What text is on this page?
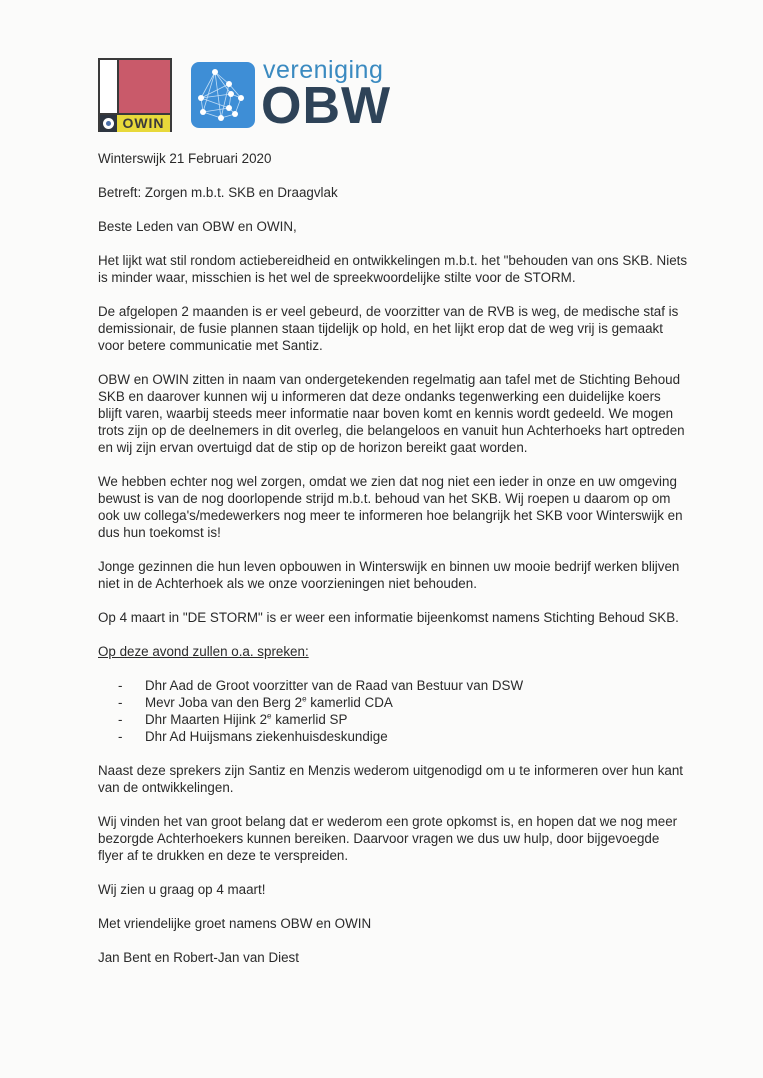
OWIN
vereniging
OBW

Winterswijk 21 Februari 2020

Betreft: Zorgen m.b.t. SKB en Draagvlak

Beste Leden van OBW en OWIN,

Het lijkt wat stil rondom actiebereidheid en ontwikkelingen m.b.t. het "behouden van ons SKB. Niets is minder waar, misschien is het wel de spreekwoordelijke stilte voor de STORM.

De afgelopen 2 maanden is er veel gebeurd, de voorzitter van de RVB is weg, de medische staf is demissionair, de fusie plannen staan tijdelijk op hold, en het lijkt erop dat de weg vrij is gemaakt voor betere communicatie met Santiz.

OBW en OWIN zitten in naam van ondergetekenden regelmatig aan tafel met de Stichting Behoud SKB en daarover kunnen wij u informeren dat deze ondanks tegenwerking een duidelijke koers blijft varen, waarbij steeds meer informatie naar boven komt en kennis wordt gedeeld. We mogen trots zijn op de deelnemers in dit overleg, die belangeloos en vanuit hun Achterhoeks hart optreden en wij zijn ervan overtuigd dat de stip op de horizon bereikt gaat worden.

We hebben echter nog wel zorgen, omdat we zien dat nog niet een ieder in onze en uw omgeving bewust is van de nog doorlopende strijd m.b.t. behoud van het SKB. Wij roepen u daarom op om ook uw collega's/medewerkers nog meer te informeren hoe belangrijk het SKB voor Winterswijk en dus hun toekomst is!

Jonge gezinnen die hun leven opbouwen in Winterswijk en binnen uw mooie bedrijf werken blijven niet in de Achterhoek als we onze voorzieningen niet behouden.

Op 4 maart in "DE STORM" is er weer een informatie bijeenkomst namens Stichting Behoud SKB.

Op deze avond zullen o.a. spreken:

- Dhr Aad de Groot voorzitter van de Raad van Bestuur van DSW
- Mevr Joba van den Berg 2e kamerlid CDA
- Dhr Maarten Hijink 2e kamerlid SP
- Dhr Ad Huijsmans ziekenhuisdeskundige

Naast deze sprekers zijn Santiz en Menzis wederom uitgenodigd om u te informeren over hun kant van de ontwikkelingen.

Wij vinden het van groot belang dat er wederom een grote opkomst is, en hopen dat we nog meer bezorgde Achterhoekers kunnen bereiken. Daarvoor vragen we dus uw hulp, door bijgevoegde flyer af te drukken en deze te verspreiden.

Wij zien u graag op 4 maart!

Met vriendelijke groet namens OBW en OWIN

Jan Bent en Robert-Jan van Diest
